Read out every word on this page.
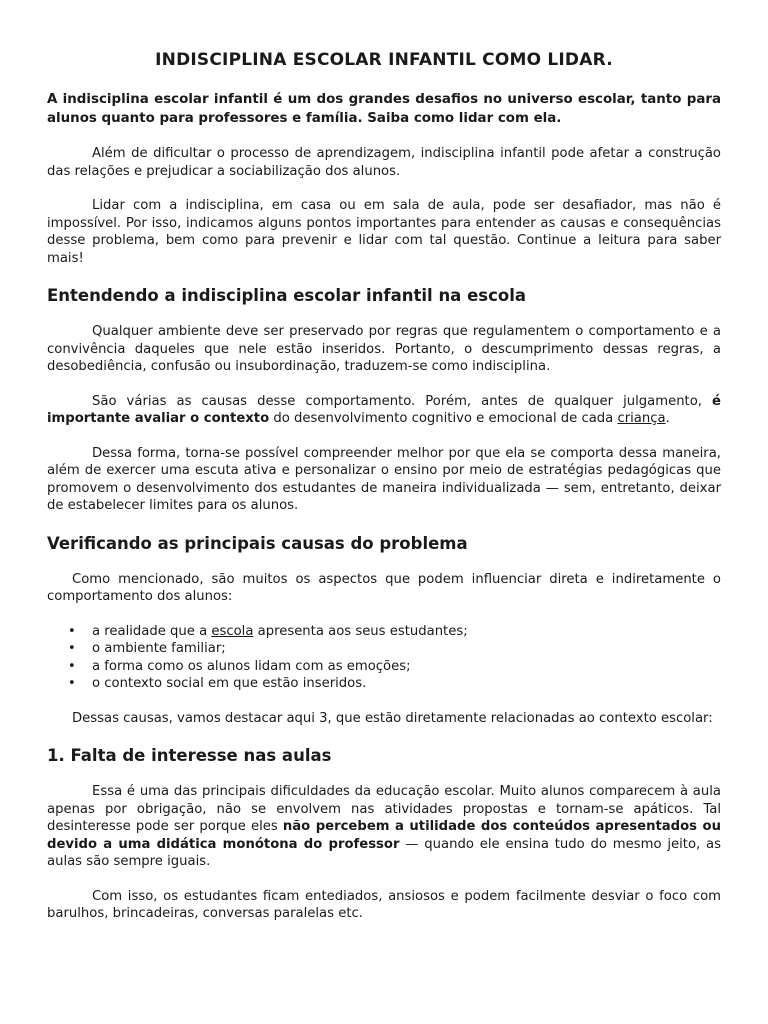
INDISCIPLINA ESCOLAR INFANTIL COMO LIDAR.
A indisciplina escolar infantil é um dos grandes desafios no universo escolar, tanto para alunos quanto para professores e família. Saiba como lidar com ela.

Além de dificultar o processo de aprendizagem, indisciplina infantil pode afetar a construção das relações e prejudicar a sociabilização dos alunos.

Lidar com a indisciplina, em casa ou em sala de aula, pode ser desafiador, mas não é impossível. Por isso, indicamos alguns pontos importantes para entender as causas e consequências desse problema, bem como para prevenir e lidar com tal questão. Continue a leitura para saber mais!

Entendendo a indisciplina escolar infantil na escola

Qualquer ambiente deve ser preservado por regras que regulamentem o comportamento e a convivência daqueles que nele estão inseridos. Portanto, o descumprimento dessas regras, a desobediência, confusão ou insubordinação, traduzem-se como indisciplina.

São várias as causas desse comportamento. Porém, antes de qualquer julgamento, é importante avaliar o contexto do desenvolvimento cognitivo e emocional de cada criança.

Dessa forma, torna-se possível compreender melhor por que ela se comporta dessa maneira, além de exercer uma escuta ativa e personalizar o ensino por meio de estratégias pedagógicas que promovem o desenvolvimento dos estudantes de maneira individualizada — sem, entretanto, deixar de estabelecer limites para os alunos.

Verificando as principais causas do problema

Como mencionado, são muitos os aspectos que podem influenciar direta e indiretamente o comportamento dos alunos:

• a realidade que a escola apresenta aos seus estudantes;
• o ambiente familiar;
• a forma como os alunos lidam com as emoções;
• o contexto social em que estão inseridos.

Dessas causas, vamos destacar aqui 3, que estão diretamente relacionadas ao contexto escolar:

1. Falta de interesse nas aulas

Essa é uma das principais dificuldades da educação escolar. Muito alunos comparecem à aula apenas por obrigação, não se envolvem nas atividades propostas e tornam-se apáticos. Tal desinteresse pode ser porque eles não percebem a utilidade dos conteúdos apresentados ou devido a uma didática monótona do professor — quando ele ensina tudo do mesmo jeito, as aulas são sempre iguais.

Com isso, os estudantes ficam entediados, ansiosos e podem facilmente desviar o foco com barulhos, brincadeiras, conversas paralelas etc.
